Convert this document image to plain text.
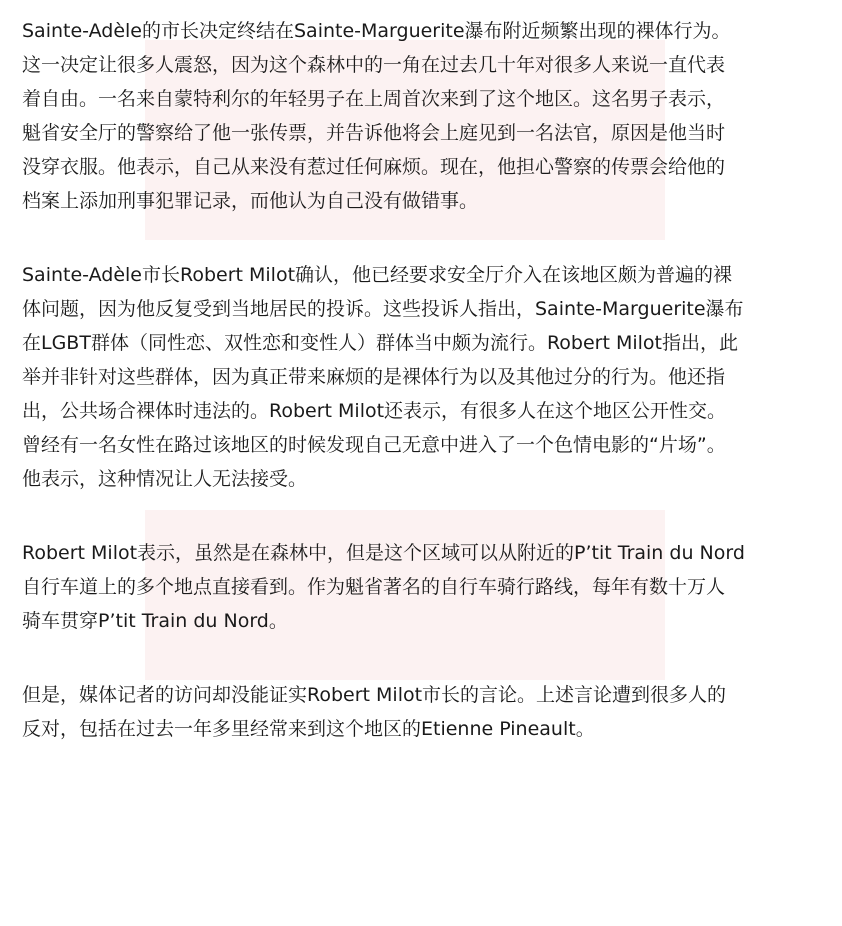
Sainte-Adèle的市长决定终结在Sainte-Marguerite瀑布附近频繁出现的裸体行为。
这一决定让很多人震怒，因为这个森林中的一角在过去几十年对很多人来说一直代表
着自由。一名来自蒙特利尔的年轻男子在上周首次来到了这个地区。这名男子表示，
魁省安全厅的警察给了他一张传票，并告诉他将会上庭见到一名法官，原因是他当时
没穿衣服。他表示，自己从来没有惹过任何麻烦。现在，他担心警察的传票会给他的
档案上添加刑事犯罪记录，而他认为自己没有做错事。
Sainte-Adèle市长Robert Milot确认，他已经要求安全厅介入在该地区颇为普遍的裸
体问题，因为他反复受到当地居民的投诉。这些投诉人指出，Sainte-Marguerite瀑布
在LGBT群体（同性恋、双性恋和变性人）群体当中颇为流行。Robert Milot指出，此
举并非针对这些群体，因为真正带来麻烦的是裸体行为以及其他过分的行为。他还指
出，公共场合裸体时违法的。Robert Milot还表示，有很多人在这个地区公开性交。
曾经有一名女性在路过该地区的时候发现自己无意中进入了一个色情电影的“片场”。
他表示，这种情况让人无法接受。
Robert Milot表示，虽然是在森林中，但是这个区域可以从附近的P’tit Train du Nord
自行车道上的多个地点直接看到。作为魁省著名的自行车骑行路线，每年有数十万人
骑车贯穿P’tit Train du Nord。
但是，媒体记者的访问却没能证实Robert Milot市长的言论。上述言论遭到很多人的
反对，包括在过去一年多里经常来到这个地区的Etienne Pineault。
